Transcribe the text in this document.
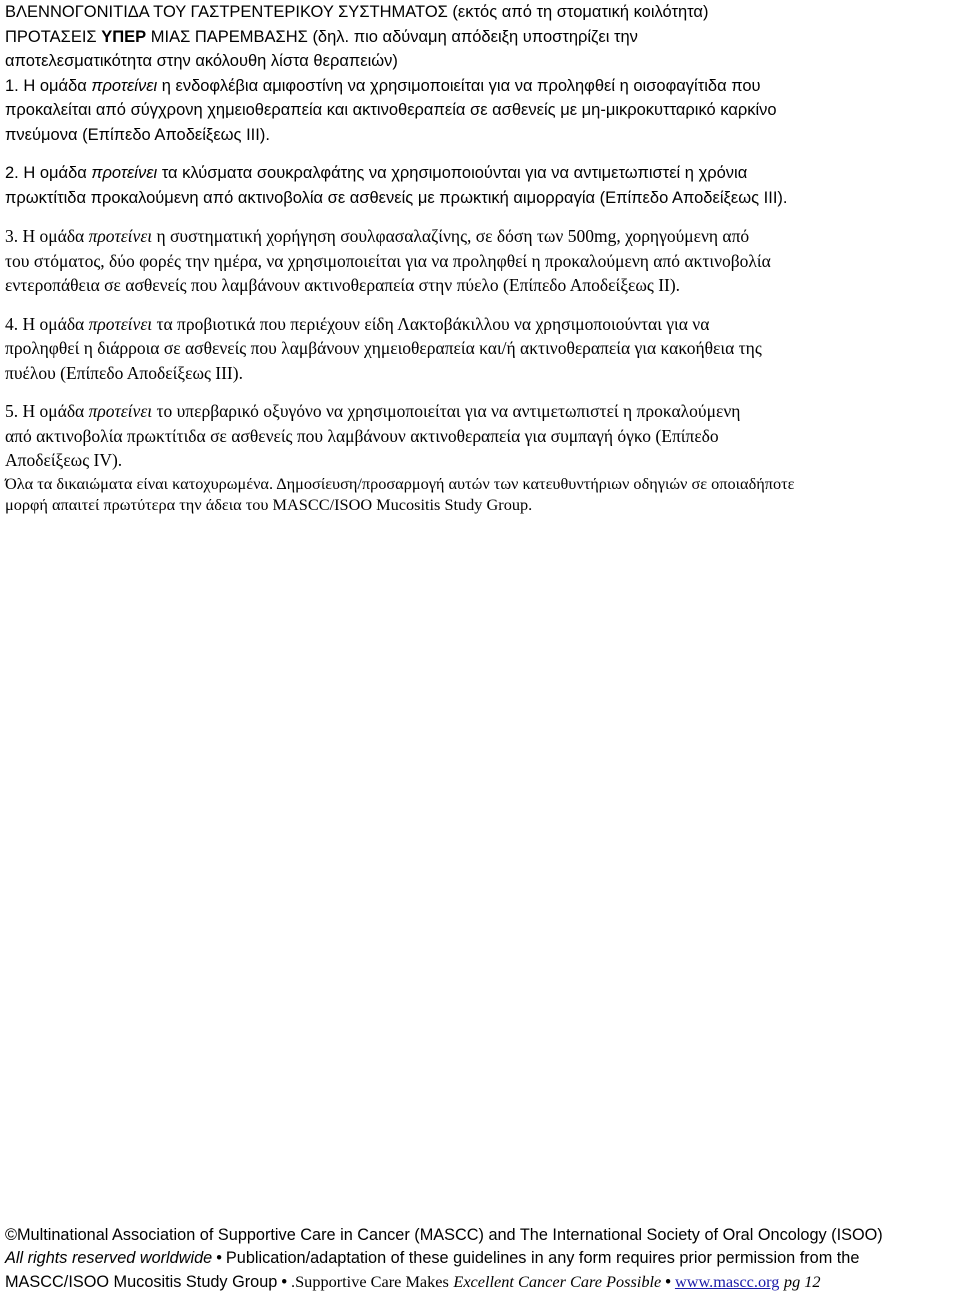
ΒΛΕΝΝΟΓΟΝΙΤΙΔΑ ΤΟΥ ΓΑΣΤΡΕΝΤΕΡΙΚΟΥ ΣΥΣΤΗΜΑΤΟΣ (εκτός από τη στοματική κοιλότητα)
ΠΡΟΤΑΣΕΙΣ ΥΠΕΡ ΜΙΑΣ ΠΑΡΕΜΒΑΣΗΣ (δηλ. πιο αδύναμη απόδειξη υποστηρίζει την
αποτελεσματικότητα στην ακόλουθη λίστα θεραπειών)
1. Η ομάδα προτείνει η ενδοφλέβια αμιφοστίνη να χρησιμοποιείται για να προληφθεί η οισοφαγίτιδα που
προκαλείται από σύγχρονη χημειοθεραπεία και ακτινοθεραπεία σε ασθενείς με μη-μικροκυτταρικό καρκίνο
πνεύμονα (Επίπεδο Αποδείξεως ΙΙΙ).
2. Η ομάδα προτείνει τα κλύσματα σουκραλφάτης να χρησιμοποιούνται για να αντιμετωπιστεί η χρόνια
πρωκτίτιδα προκαλούμενη από ακτινοβολία σε ασθενείς με πρωκτική αιμορραγία (Επίπεδο Αποδείξεως ΙΙΙ).
3. Η ομάδα προτείνει η συστηματική χορήγηση σουλφασαλαζίνης, σε δόση των 500mg, χορηγούμενη από
του στόματος, δύο φορές την ημέρα, να χρησιμοποιείται για να προληφθεί η προκαλούμενη από ακτινοβολία
εντεροπάθεια σε ασθενείς που λαμβάνουν ακτινοθεραπεία στην πύελο (Επίπεδο Αποδείξεως ΙΙ).
4. Η ομάδα προτείνει τα προβιοτικά που περιέχουν είδη Λακτοβάκιλλου να χρησιμοποιούνται για να
προληφθεί η διάρροια σε ασθενείς που λαμβάνουν χημειοθεραπεία και/ή ακτινοθεραπεία για κακοήθεια της
πυέλου (Επίπεδο Αποδείξεως ΙΙΙ).
5. Η ομάδα προτείνει το υπερβαρικό οξυγόνο να χρησιμοποιείται για να αντιμετωπιστεί η προκαλούμενη
από ακτινοβολία πρωκτίτιδα σε ασθενείς που λαμβάνουν ακτινοθεραπεία για συμπαγή όγκο (Επίπεδο
Αποδείξεως IV).
Όλα τα δικαιώματα είναι κατοχυρωμένα. Δημοσίευση/προσαρμογή αυτών των κατευθυντήριων οδηγιών σε οποιαδήποτε
μορφή απαιτεί πρωτύτερα την άδεια του MASCC/ISOO Mucositis Study Group.
©Multinational Association of Supportive Care in Cancer (MASCC) and The International Society of Oral Oncology (ISOO)
All rights reserved worldwide • Publication/adaptation of these guidelines in any form requires prior permission from the
MASCC/ISOO Mucositis Study Group • .Supportive Care Makes Excellent Cancer Care Possible • www.mascc.org pg 12
